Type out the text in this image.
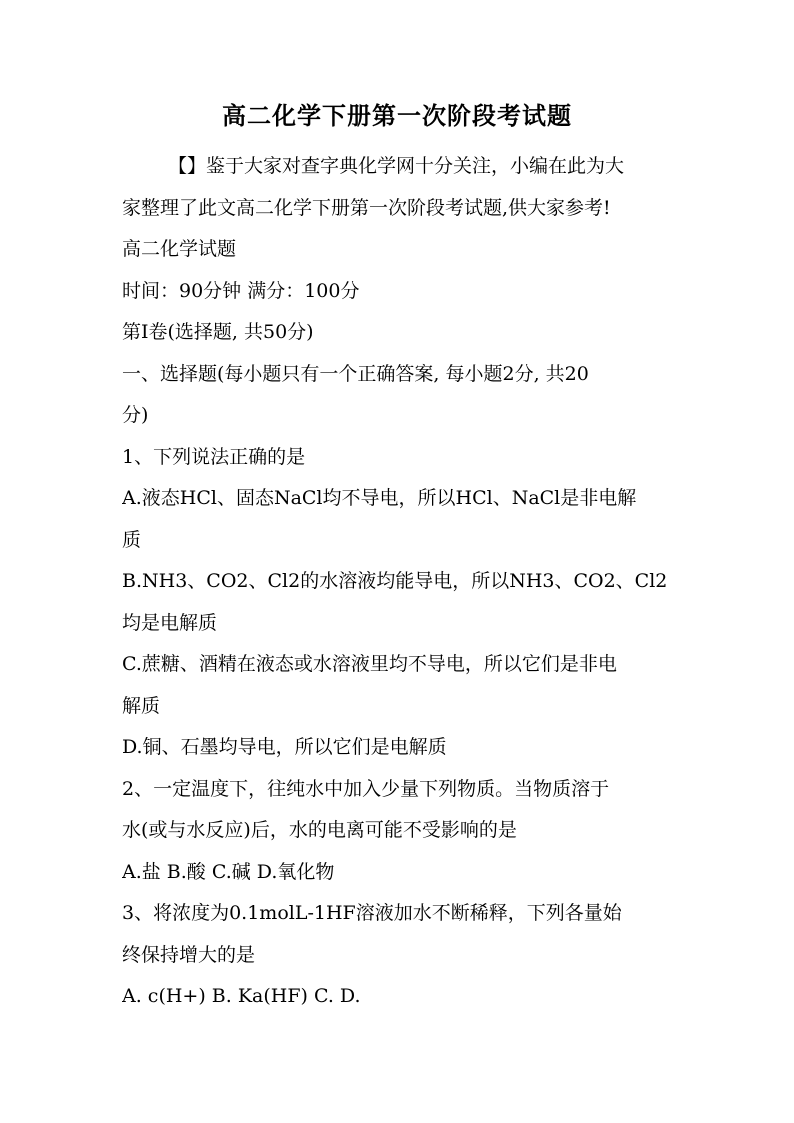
高二化学下册第一次阶段考试题
【】鉴于大家对查字典化学网十分关注，小编在此为大
家整理了此文高二化学下册第一次阶段考试题,供大家参考!
高二化学试题
时间：90分钟 满分：100分
第Ⅰ卷(选择题, 共50分)
一、选择题(每小题只有一个正确答案, 每小题2分, 共20
分)
1、下列说法正确的是
A.液态HCl、固态NaCl均不导电，所以HCl、NaCl是非电解
质
B.NH3、CO2、Cl2的水溶液均能导电，所以NH3、CO2、Cl2
均是电解质
C.蔗糖、酒精在液态或水溶液里均不导电，所以它们是非电
解质
D.铜、石墨均导电，所以它们是电解质
2、一定温度下，往纯水中加入少量下列物质。当物质溶于
水(或与水反应)后，水的电离可能不受影响的是
A.盐 B.酸 C.碱 D.氧化物
3、将浓度为0.1molL-1HF溶液加水不断稀释，下列各量始
终保持增大的是
A. c(H+) B. Ka(HF) C. D.
